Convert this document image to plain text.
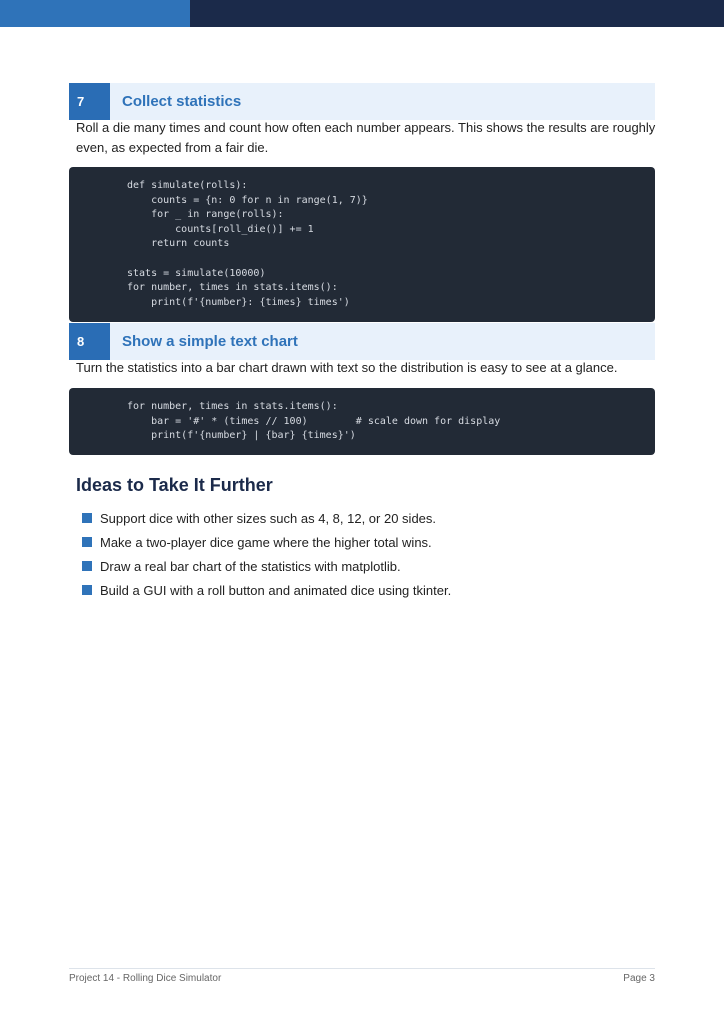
7	Collect statistics
Roll a die many times and count how often each number appears. This shows the results are roughly even, as expected from a fair die.
def simulate(rolls):
counts = {n: 0 for n in range(1, 7)}
for _ in range(rolls):
counts[roll_die()] += 1
return counts

stats = simulate(10000)
for number, times in stats.items():
print(f'{number}: {times} times')
8	Show a simple text chart
Turn the statistics into a bar chart drawn with text so the distribution is easy to see at a glance.
for number, times in stats.items():
bar = '#' * (times // 100)        # scale down for display
print(f'{number} | {bar} {times}')
Ideas to Take It Further
Support dice with other sizes such as 4, 8, 12, or 20 sides.
Make a two-player dice game where the higher total wins.
Draw a real bar chart of the statistics with matplotlib.
Build a GUI with a roll button and animated dice using tkinter.
Project 14 - Rolling Dice Simulator	Page 3
